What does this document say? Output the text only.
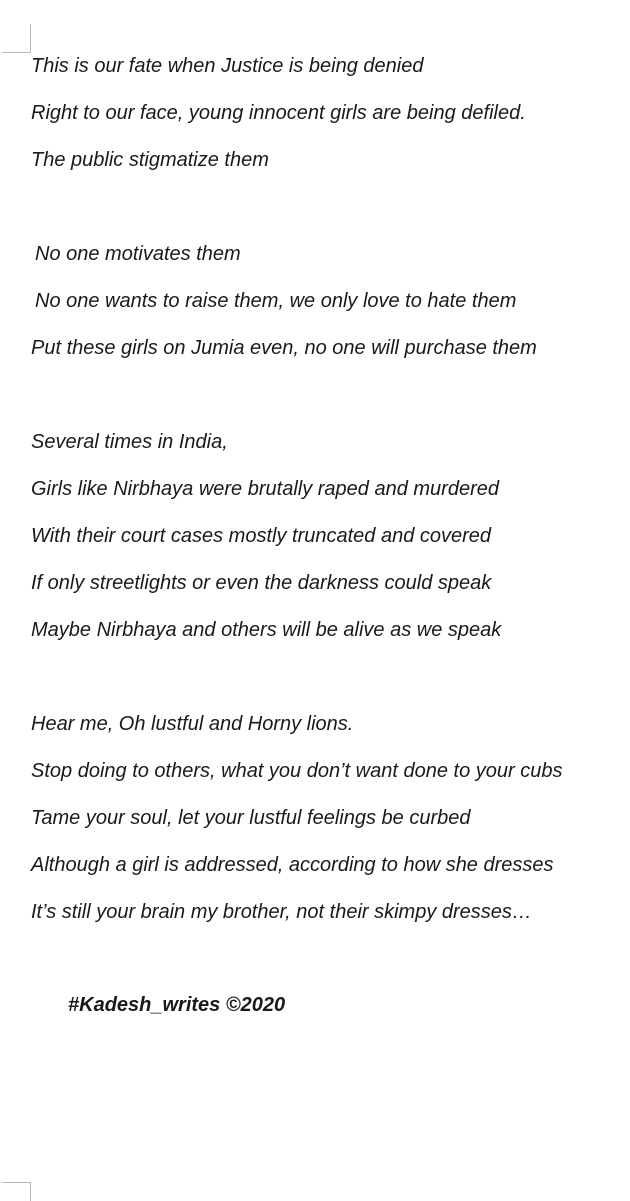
This is our fate when Justice is being denied
Right to our face, young innocent girls are being defiled.
The public stigmatize them
No one motivates them
No one wants to raise them, we only love to hate them
Put these girls on Jumia even, no one will purchase them
Several times in India,
Girls like Nirbhaya were brutally raped and murdered
With their court cases mostly truncated and covered
If only streetlights or even the darkness could speak
Maybe Nirbhaya and others will be alive as we speak
Hear me, Oh lustful and Horny lions.
Stop doing to others, what you don’t want done to your cubs
Tame your soul, let your lustful feelings be curbed
Although a girl is addressed, according to how she dresses
It’s still your brain my brother, not their skimpy dresses…
#Kadesh_writes ©2020
